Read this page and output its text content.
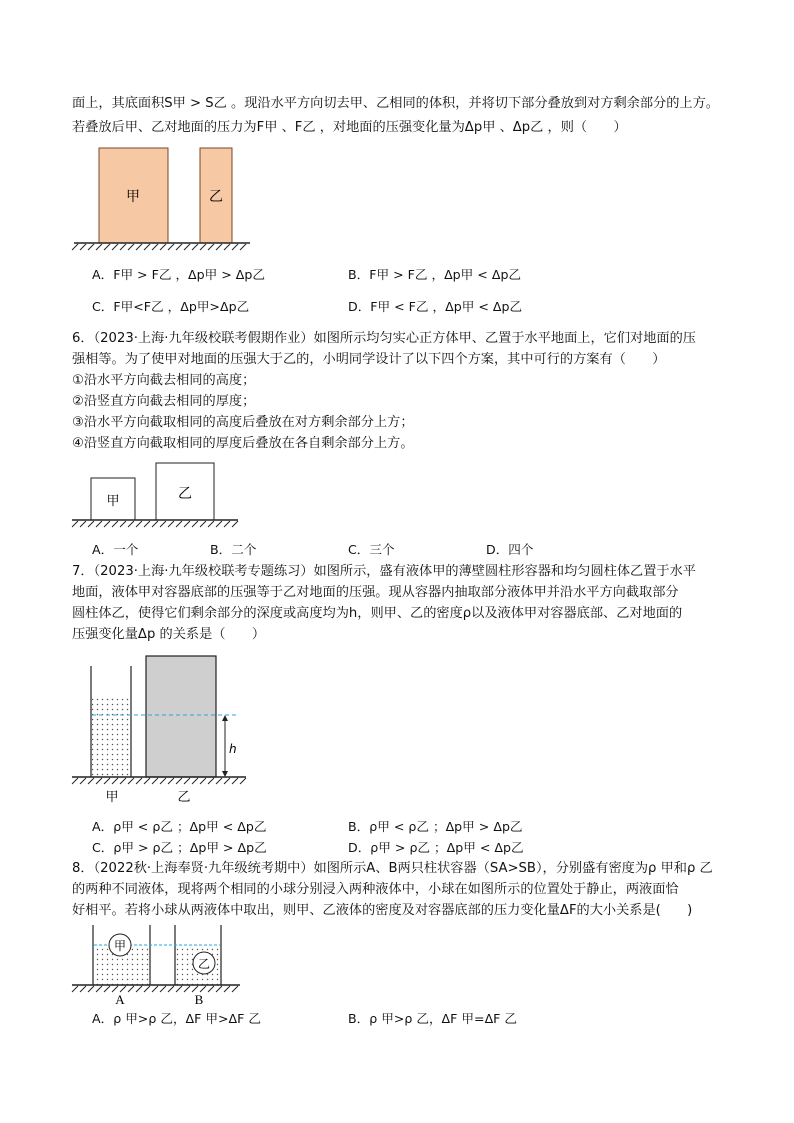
面上，其底面积S甲 > S乙 。现沿水平方向切去甲、乙相同的体积，并将切下部分叠放到对方剩余部分的上方。
若叠放后甲、乙对地面的压力为F甲 、F乙 ，对地面的压强变化量为Δp甲 、Δp乙 ，则（　　）
甲	乙
A．F甲 > F乙 ，Δp甲 > Δp乙	B．F甲 > F乙 ，Δp甲 < Δp乙
C．F甲<F乙 ，Δp甲>Δp乙	D．F甲 < F乙 ，Δp甲 < Δp乙
6．（2023·上海·九年级校联考假期作业）如图所示均匀实心正方体甲、乙置于水平地面上，它们对地面的压
强相等。为了使甲对地面的压强大于乙的，小明同学设计了以下四个方案，其中可行的方案有（　　）
①沿水平方向截去相同的高度；
②沿竖直方向截去相同的厚度；
③沿水平方向截取相同的高度后叠放在对方剩余部分上方；
④沿竖直方向截取相同的厚度后叠放在各自剩余部分上方。
甲	乙
A．一个	B．二个	C．三个	D．四个
7．（2023·上海·九年级校联考专题练习）如图所示，盛有液体甲的薄壁圆柱形容器和均匀圆柱体乙置于水平
地面，液体甲对容器底部的压强等于乙对地面的压强。现从容器内抽取部分液体甲并沿水平方向截取部分
圆柱体乙，使得它们剩余部分的深度或高度均为h，则甲、乙的密度ρ以及液体甲对容器底部、乙对地面的
压强变化量Δp 的关系是（　　）
h
甲	乙
A．ρ甲 < ρ乙 ；Δp甲 < Δp乙	B．ρ甲 < ρ乙 ；Δp甲 > Δp乙
C．ρ甲 > ρ乙 ；Δp甲 > Δp乙	D．ρ甲 > ρ乙 ；Δp甲 < Δp乙
8．（2022秋·上海奉贤·九年级统考期中）如图所示A、B两只柱状容器（SA>SB），分别盛有密度为ρ 甲和ρ 乙
的两种不同液体，现将两个相同的小球分别浸入两种液体中，小球在如图所示的位置处于静止，两液面恰
好相平。若将小球从两液体中取出，则甲、乙液体的密度及对容器底部的压力变化量ΔF的大小关系是(　　)
甲
乙
A	B
A．ρ 甲>ρ 乙，ΔF 甲>ΔF 乙	B．ρ 甲>ρ 乙，ΔF 甲=ΔF 乙
